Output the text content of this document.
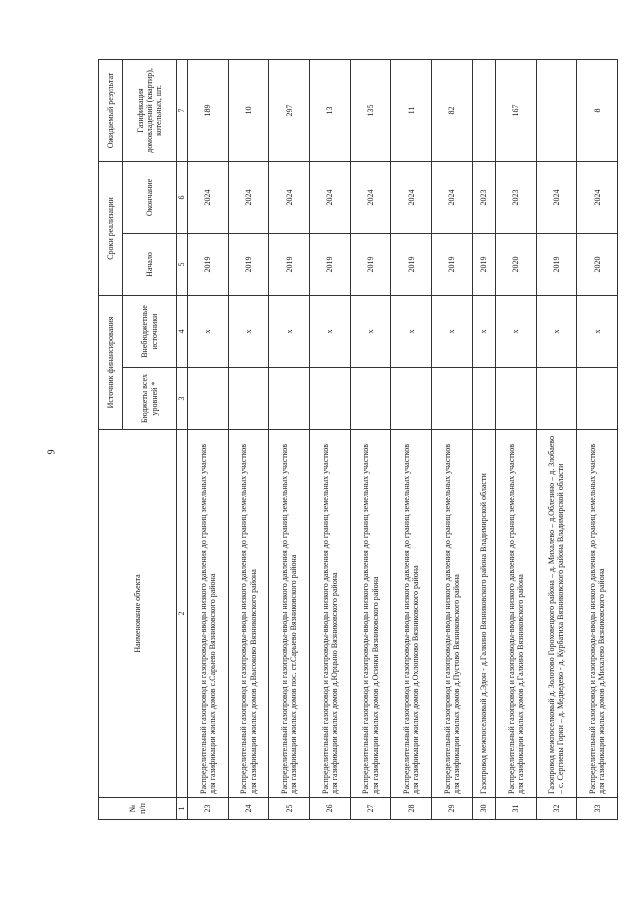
9
№
п/п	Наименование объекта	Источник финансирования		Сроки реализации		Ожидаемый результат
		Бюджеты всех уровней *	Внебюджетные источники	Начало	Окончание	Газификация домовладений (квартир), котельных, шт.
1	2	3	4	5	6	7
23	Распределительный газопровод и газопроводы-вводы низкого давления до границ земельных участков для газификации жилых домов с.Сарыево Вязниковского района		х	2019	2024	189
24	Распределительный газопровод и газопроводы-вводы низкого давления до границ земельных участков для газификации жилых домов д.Высоково Вязниковского района		х	2019	2024	10
25	Распределительный газопровод и газопроводы-вводы низкого давления до границ земельных участков для газификации жилых домов пос. ст.Сарыево Вязниковского района		х	2019	2024	297
26	Распределительный газопровод и газопроводы-вводы низкого давления до границ земельных участков для газификации жилых домов д.Юрцыно Вязниковского района		х	2019	2024	13
27	Распределительный газопровод и газопроводы-вводы низкого давления до границ земельных участков для газификации жилых домов д.Осинки Вязниковского района		х	2019	2024	135
28	Распределительный газопровод и газопроводы-вводы низкого давления до границ земельных участков для газификации жилых домов д.Охлопково Вязниковского района		х	2019	2024	11
29	Распределительный газопровод и газопроводы-вводы низкого давления до границ земельных участков для газификации жилых домов д.Пустово Вязниковского района		х	2019	2024	82
30	Газопровод межпоселковый д.Эдон - д.Галкино Вязниковского района Владимирской области		х	2019	2023	
31	Распределительный газопровод и газопроводы-вводы низкого давления до границ земельных участков для газификации жилых домов д.Галкино Вязниковского района		х	2020	2023	167
32	Газопровод межпоселковый д. Золотово Гороховецкого района – д. Михалево – д.Облезино – д. Злобаево – с. Сергиевы Горки – д. Медведево - д. Курбатиха Вязниковского района Владимирской области		х	2019	2024	
33	Распределительный газопровод и газопроводы-вводы низкого давления до границ земельных участков для газификации жилых домов д.Михалево Вязниковского района		х	2020	2024	8
